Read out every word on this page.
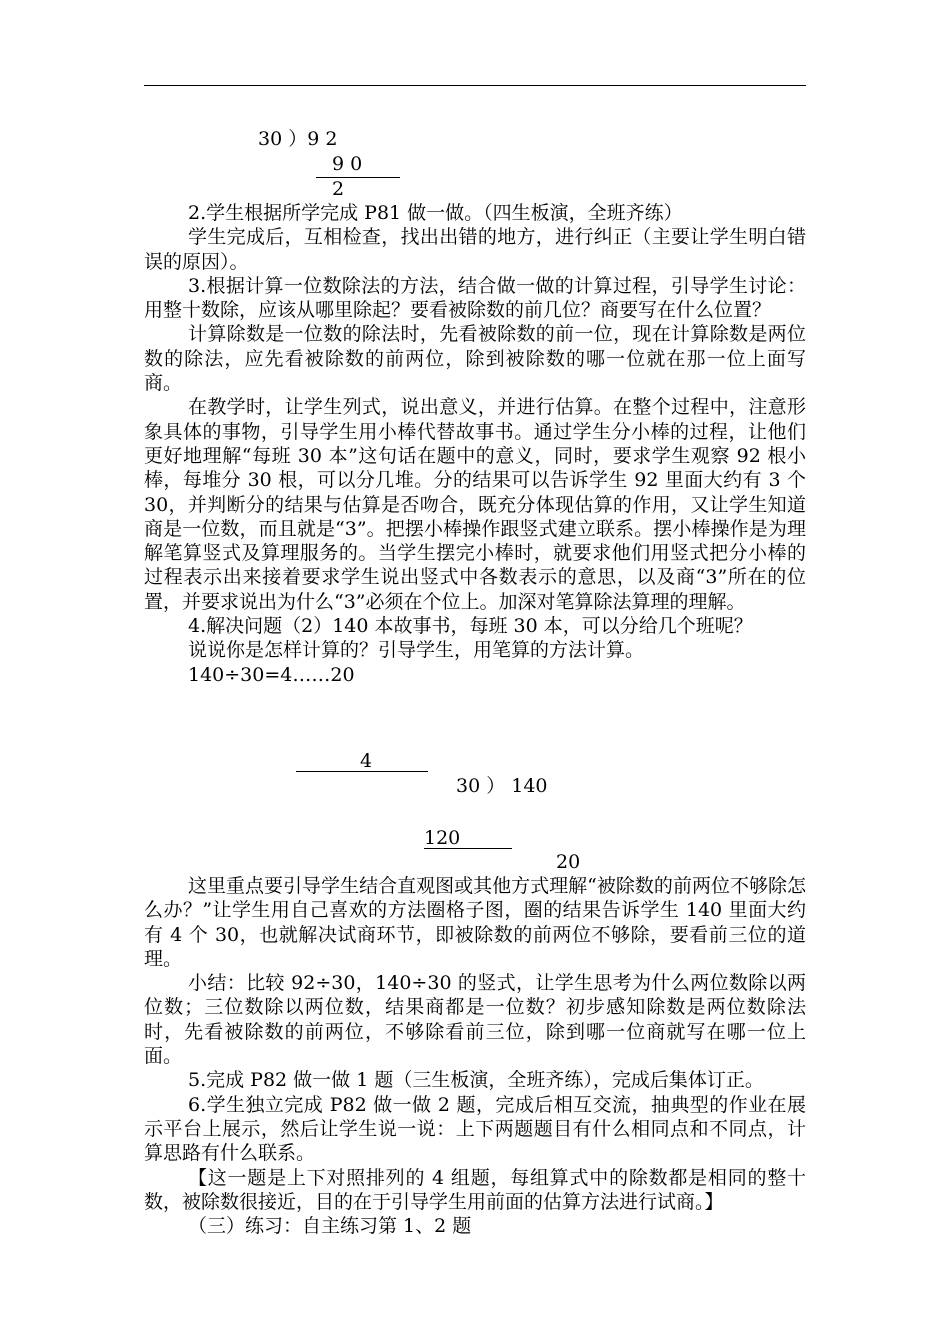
30 ）9 2
9 0
2

2.学生根据所学完成 P81 做一做。（四生板演，全班齐练）

学生完成后，互相检查，找出出错的地方，进行纠正（主要让学生明白错误的原因）。

3.根据计算一位数除法的方法，结合做一做的计算过程，引导学生讨论：用整十数除，应该从哪里除起？要看被除数的前几位？商要写在什么位置？

计算除数是一位数的除法时，先看被除数的前一位，现在计算除数是两位数的除法，应先看被除数的前两位，除到被除数的哪一位就在那一位上面写商。

在教学时，让学生列式，说出意义，并进行估算。在整个过程中，注意形象具体的事物，引导学生用小棒代替故事书。通过学生分小棒的过程，让他们更好地理解“每班 30 本”这句话在题中的意义，同时，要求学生观察 92 根小棒，每堆分 30 根，可以分几堆。分的结果可以告诉学生 92 里面大约有 3 个 30，并判断分的结果与估算是否吻合，既充分体现估算的作用，又让学生知道商是一位数，而且就是“3”。把摆小棒操作跟竖式建立联系。摆小棒操作是为理解笔算竖式及算理服务的。当学生摆完小棒时，就要求他们用竖式把分小棒的过程表示出来接着要求学生说出竖式中各数表示的意思，以及商“3”所在的位置，并要求说出为什么“3”必须在个位上。加深对笔算除法算理的理解。

4.解决问题（2）140 本故事书，每班 30 本，可以分给几个班呢？

说说你是怎样计算的？引导学生，用笔算的方法计算。

140÷30=4……20

4
30 ） 140
120
20

这里重点要引导学生结合直观图或其他方式理解“被除数的前两位不够除怎么办？”让学生用自己喜欢的方法圈格子图，圈的结果告诉学生 140 里面大约有 4 个 30，也就解决试商环节，即被除数的前两位不够除，要看前三位的道理。

小结：比较 92÷30，140÷30 的竖式，让学生思考为什么两位数除以两位数；三位数除以两位数，结果商都是一位数？初步感知除数是两位数除法时，先看被除数的前两位，不够除看前三位，除到哪一位商就写在哪一位上面。

5.完成 P82 做一做 1 题（三生板演，全班齐练），完成后集体订正。

6.学生独立完成 P82 做一做 2 题，完成后相互交流，抽典型的作业在展示平台上展示，然后让学生说一说：上下两题题目有什么相同点和不同点，计算思路有什么联系。

【这一题是上下对照排列的 4 组题，每组算式中的除数都是相同的整十数，被除数很接近，目的在于引导学生用前面的估算方法进行试商。】

（三）练习：自主练习第 1、2 题
